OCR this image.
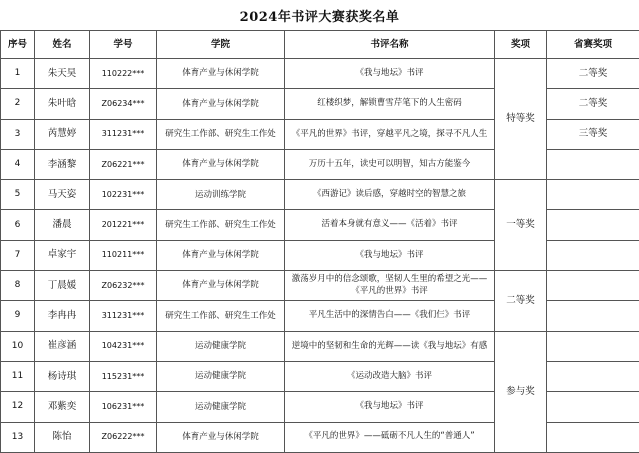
2024年书评大赛获奖名单
序号	姓名	学号	学院	书评名称	奖项	省赛奖项
1	朱天昊	110222***	体育产业与休闲学院	《我与地坛》书评	特等奖	二等奖
2	朱叶晗	Z06234***	体育产业与休闲学院	红楼织梦，解锁曹雪芹笔下的人生密码		二等奖
3	芮慧婷	311231***	研究生工作部、研究生工作处	《平凡的世界》书评，穿越平凡之境，探寻不凡人生		三等奖
4	李涵黎	Z06221***	体育产业与休闲学院	万历十五年，读史可以明智，知古方能鉴今		
5	马天姿	102231***	运动训练学院	《西游记》读后感，穿越时空的智慧之旅	一等奖	
6	潘晨	201221***	研究生工作部、研究生工作处	活着本身就有意义——《活着》书评		
7	卓家宇	110211***	体育产业与休闲学院	《我与地坛》书评		
8	丁晨媛	Z06232***	体育产业与休闲学院	激荡岁月中的信念颂歌，坚韧人生里的希望之光——《平凡的世界》书评	二等奖	
9	李冉冉	311231***	研究生工作部、研究生工作处	平凡生活中的深情告白——《我们仨》书评		
10	崔彦涵	104231***	运动健康学院	逆境中的坚韧和生命的光辉——读《我与地坛》有感	参与奖	
11	杨诗琪	115231***	运动健康学院	《运动改造大脑》书评		
12	邓紫奕	106231***	运动健康学院	《我与地坛》书评		
13	陈怡	Z06222***	体育产业与休闲学院	《平凡的世界》——砥砺不凡人生的“普通人”		
